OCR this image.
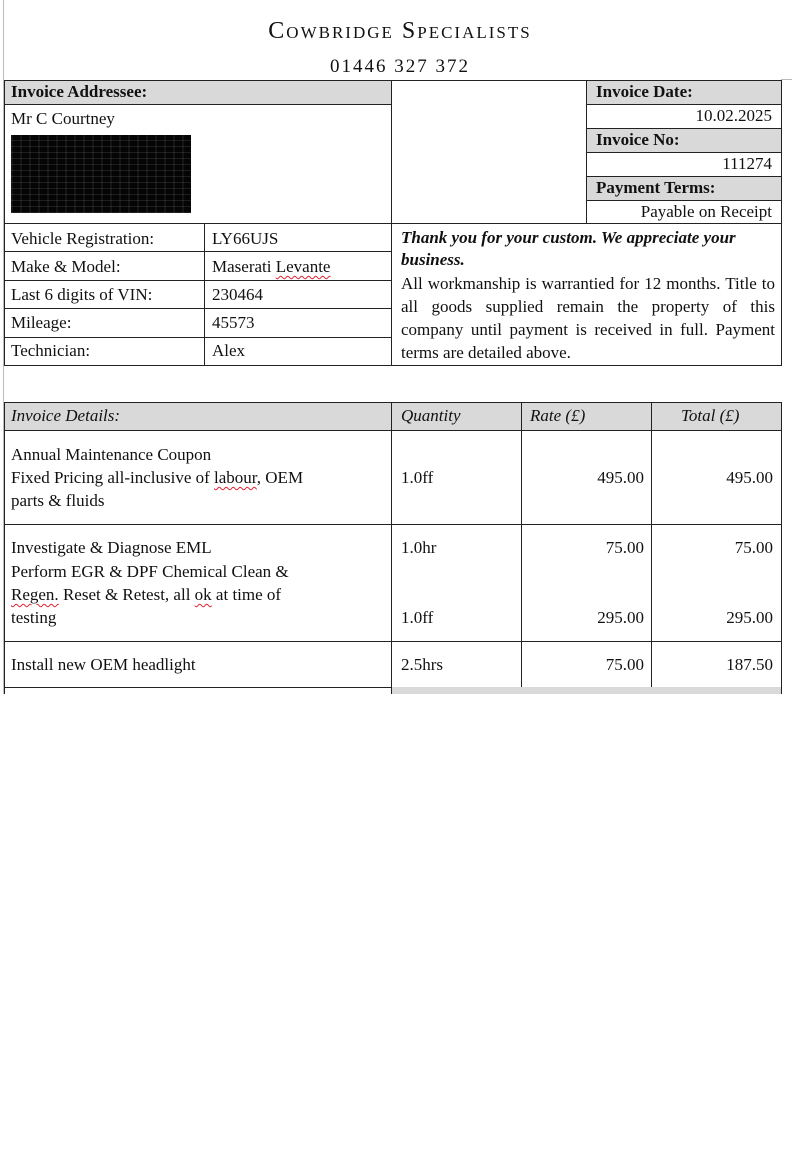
Cowbridge Specialists
01446 327 372
Invoice Addressee:
Mr C Courtney
Invoice Date:
10.02.2025
Invoice No:
111274
Payment Terms:
Payable on Receipt
Vehicle Registration:	LY66UJS
Make & Model:	Maserati Levante
Last 6 digits of VIN:	230464
Mileage:	45573
Technician:	Alex
Thank you for your custom. We appreciate your business.
All workmanship is warrantied for 12 months. Title to all goods supplied remain the property of this company until payment is received in full. Payment terms are detailed above.
Invoice Details:	Quantity	Rate (£)	Total (£)
Annual Maintenance Coupon
Fixed Pricing all-inclusive of labour, OEM
parts & fluids
1.0ff	495.00	495.00
Investigate & Diagnose EML
Perform EGR & DPF Chemical Clean &
Regen. Reset & Retest, all ok at time of
testing
1.0hr	75.00	75.00
1.0ff	295.00	295.00
Install new OEM headlight	2.5hrs	75.00	187.50
